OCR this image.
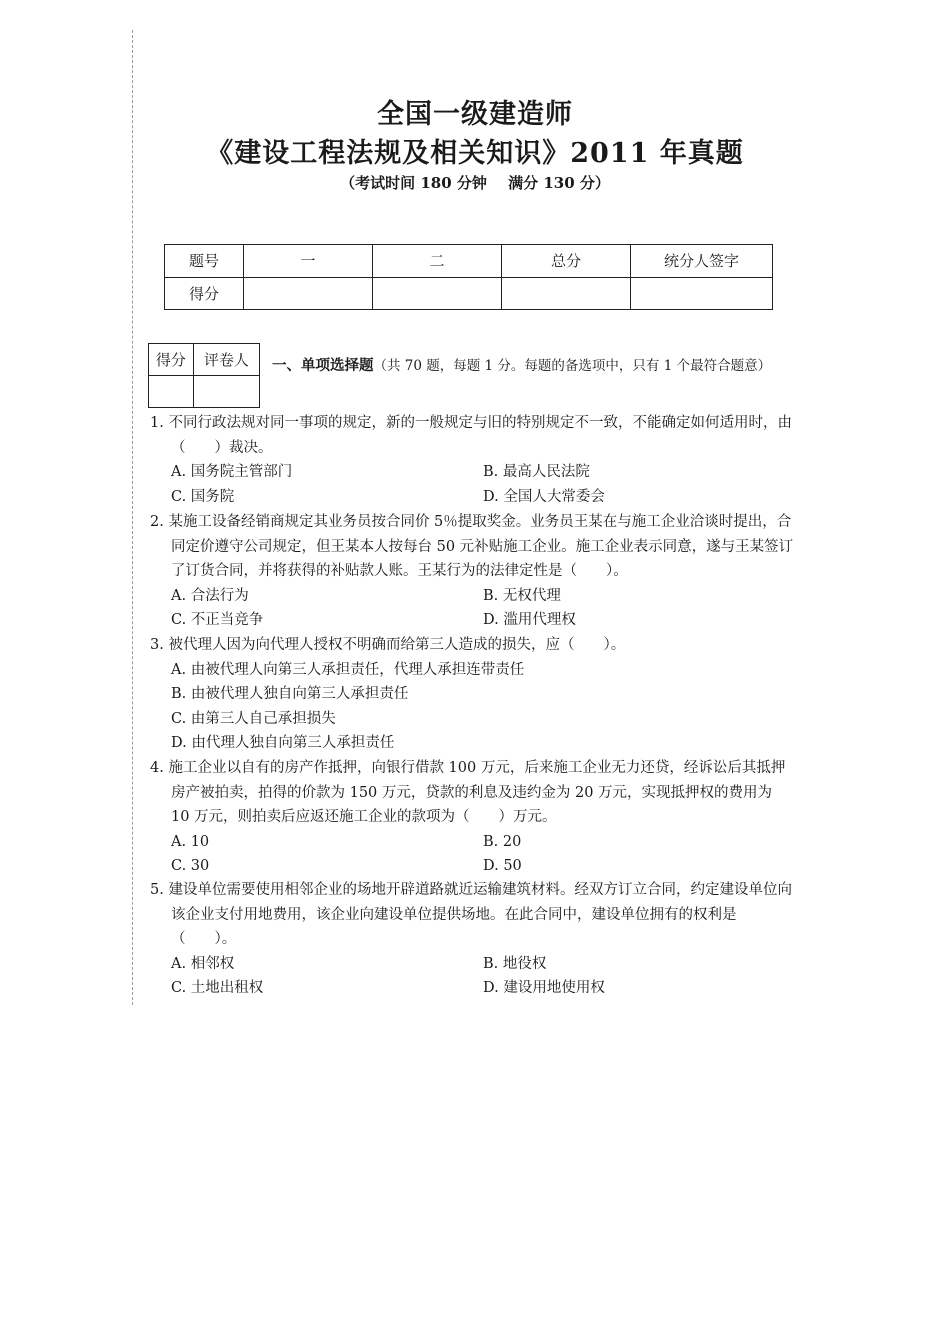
全国一级建造师
《建设工程法规及相关知识》2011 年真题
（考试时间 180 分钟 满分 130 分）
题号	一	二	总分	统分人签字
得分				
得分	评卷人
	一、单项选择题（共 70 题，每题 1 分。每题的备选项中，只有 1 个最符合题意）
1. 不同行政法规对同一事项的规定，新的一般规定与旧的特别规定不一致，不能确定如何适用时，由（　　）裁决。
A. 国务院主管部门	B. 最高人民法院
C. 国务院	D. 全国人大常委会
2. 某施工设备经销商规定其业务员按合同价 5％提取奖金。业务员王某在与施工企业洽谈时提出，合同定价遵守公司规定，但王某本人按每台 50 元补贴施工企业。施工企业表示同意，遂与王某签订了订货合同，并将获得的补贴款人账。王某行为的法律定性是（　　）。
A. 合法行为	B. 无权代理
C. 不正当竞争	D. 滥用代理权
3. 被代理人因为向代理人授权不明确而给第三人造成的损失，应（　　）。
A. 由被代理人向第三人承担责任，代理人承担连带责任
B. 由被代理人独自向第三人承担责任
C. 由第三人自己承担损失
D. 由代理人独自向第三人承担责任
4. 施工企业以自有的房产作抵押，向银行借款 100 万元，后来施工企业无力还贷，经诉讼后其抵押房产被拍卖，拍得的价款为 150 万元，贷款的利息及违约金为 20 万元，实现抵押权的费用为 10 万元，则拍卖后应返还施工企业的款项为（　　）万元。
A. 10	B. 20
C. 30	D. 50
5. 建设单位需要使用相邻企业的场地开辟道路就近运输建筑材料。经双方订立合同，约定建设单位向该企业支付用地费用，该企业向建设单位提供场地。在此合同中，建设单位拥有的权利是（　　）。
A. 相邻权	B. 地役权
C. 土地出租权	D. 建设用地使用权
